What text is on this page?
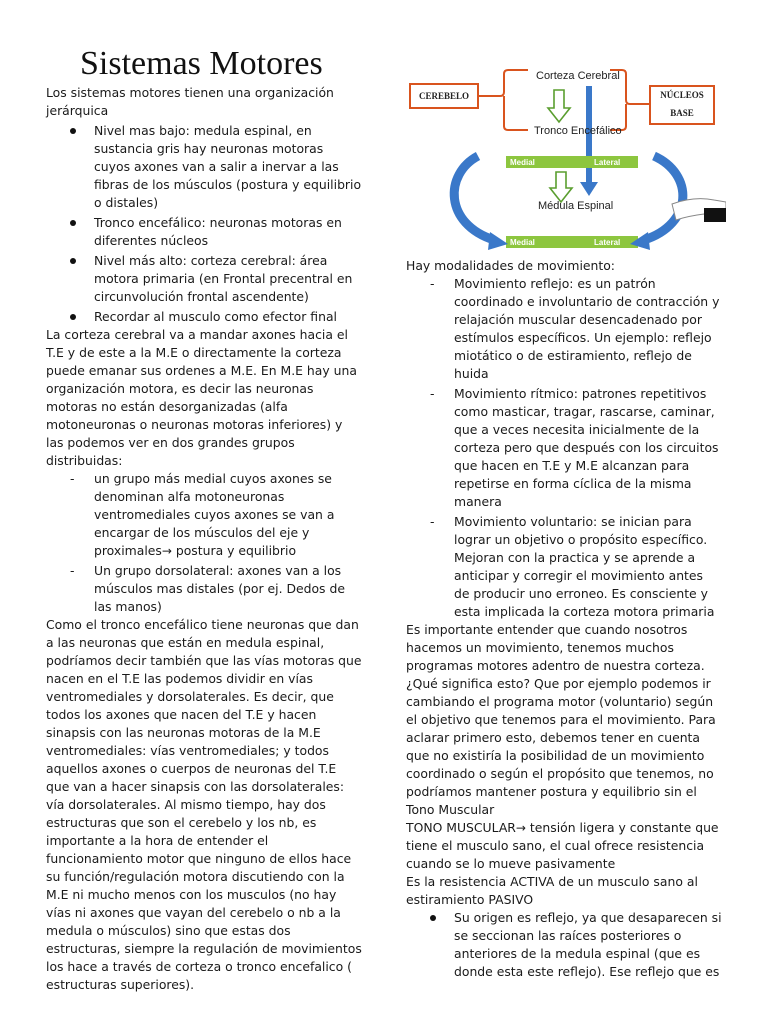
Sistemas Motores

Los sistemas motores tienen una organización jerárquica

Nivel mas bajo: medula espinal, en sustancia gris hay neuronas motoras cuyos axones van a salir a inervar a las fibras de los músculos (postura y equilibrio o distales)
Tronco encefálico: neuronas motoras en diferentes núcleos
Nivel más alto: corteza cerebral: área motora primaria (en Frontal precentral en circunvolución frontal ascendente)
Recordar al musculo como efector final

La corteza cerebral va a mandar axones hacia el T.E y de este a la M.E o directamente la corteza puede emanar sus ordenes a M.E. En M.E hay una organización motora, es decir las neuronas motoras no están desorganizadas (alfa motoneuronas o neuronas motoras inferiores) y las podemos ver en dos grandes grupos distribuidas:

- un grupo más medial cuyos axones se denominan alfa motoneuronas ventromediales cuyos axones se van a encargar de los músculos del eje y proximales→ postura y equilibrio
- Un grupo dorsolateral: axones van a los músculos mas distales (por ej. Dedos de las manos)

Como el tronco encefálico tiene neuronas que dan a las neuronas que están en medula espinal, podríamos decir también que las vías motoras que nacen en el T.E las podemos dividir en vías ventromediales y dorsolaterales. Es decir, que todos los axones que nacen del T.E y hacen sinapsis con las neuronas motoras de la M.E ventromediales: vías ventromediales; y todos aquellos axones o cuerpos de neuronas del T.E que van a hacer sinapsis con las dorsolaterales: vía dorsolaterales. Al mismo tiempo, hay dos estructuras que son el cerebelo y los nb, es importante a la hora de entender el funcionamiento motor que ninguno de ellos hace su función/regulación motora discutiendo con la M.E ni mucho menos con los musculos (no hay vías ni axones que vayan del cerebelo o nb a la medula o músculos) sino que estas dos estructuras, siempre la regulación de movimientos los hace a través de corteza o tronco encefalico ( estructuras superiores).

CEREBELO	NÚCLEOS
BASE
Corteza Cerebral
Tronco Encefálico
Medial	Lateral
Médula Espinal
Medial	Lateral

Hay modalidades de movimiento:

- Movimiento reflejo: es un patrón coordinado e involuntario de contracción y relajación muscular desencadenado por estímulos específicos. Un ejemplo: reflejo miotático o de estiramiento, reflejo de huida
- Movimiento rítmico: patrones repetitivos como masticar, tragar, rascarse, caminar, que a veces necesita inicialmente de la corteza pero que después con los circuitos que hacen en T.E y M.E alcanzan para repetirse en forma cíclica de la misma manera
- Movimiento voluntario: se inician para lograr un objetivo o propósito específico. Mejoran con la practica y se aprende a anticipar y corregir el movimiento antes de producir uno erroneo. Es consciente y esta implicada la corteza motora primaria

Es importante entender que cuando nosotros hacemos un movimiento, tenemos muchos programas motores adentro de nuestra corteza. ¿Qué significa esto? Que por ejemplo podemos ir cambiando el programa motor (voluntario) según el objetivo que tenemos para el movimiento. Para aclarar primero esto, debemos tener en cuenta que no existiría la posibilidad de un movimiento coordinado o según el propósito que tenemos, no podríamos mantener postura y equilibrio sin el Tono Muscular

TONO MUSCULAR→ tensión ligera y constante que tiene el musculo sano, el cual ofrece resistencia cuando se lo mueve pasivamente

Es la resistencia ACTIVA de un musculo sano al estiramiento PASIVO

Su origen es reflejo, ya que desaparecen si se seccionan las raíces posteriores o anteriores de la medula espinal (que es donde esta este reflejo). Ese reflejo que es
